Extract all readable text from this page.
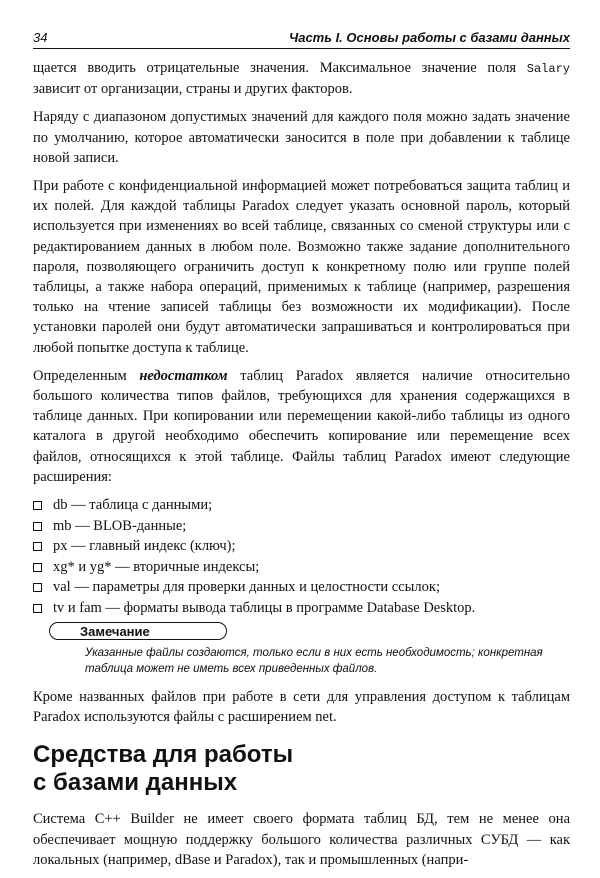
34	Часть I. Основы работы с базами данных

щается вводить отрицательные значения. Максимальное значение поля Salary зависит от организации, страны и других факторов.

Наряду с диапазоном допустимых значений для каждого поля можно задать значение по умолчанию, которое автоматически заносится в поле при добавлении к таблице новой записи.

При работе с конфиденциальной информацией может потребоваться защита таблиц и их полей. Для каждой таблицы Paradox следует указать основной пароль, который используется при изменениях во всей таблице, связанных со сменой структуры или с редактированием данных в любом поле. Возможно также задание дополнительного пароля, позволяющего ограничить доступ к конкретному полю или группе полей таблицы, а также набора операций, применимых к таблице (например, разрешения только на чтение записей таблицы без возможности их модификации). После установки паролей они будут автоматически запрашиваться и контролироваться при любой попытке доступа к таблице.

Определенным недостатком таблиц Paradox является наличие относительно большого количества типов файлов, требующихся для хранения содержащихся в таблице данных. При копировании или перемещении какой-либо таблицы из одного каталога в другой необходимо обеспечить копирование или перемещение всех файлов, относящихся к этой таблице. Файлы таблиц Paradox имеют следующие расширения:

db — таблица с данными;
mb — BLOB-данные;
px — главный индекс (ключ);
xg* и yg* — вторичные индексы;
val — параметры для проверки данных и целостности ссылок;
tv и fam — форматы вывода таблицы в программе Database Desktop.
Замечание
Указанные файлы создаются, только если в них есть необходимость; конкретная таблица может не иметь всех приведенных файлов.

Кроме названных файлов при работе в сети для управления доступом к таблицам Paradox используются файлы с расширением net.

Средства для работы
с базами данных

Система C++ Builder не имеет своего формата таблиц БД, тем не менее она обеспечивает мощную поддержку большого количества различных СУБД — как локальных (например, dBase и Paradox), так и промышленных (напри-
